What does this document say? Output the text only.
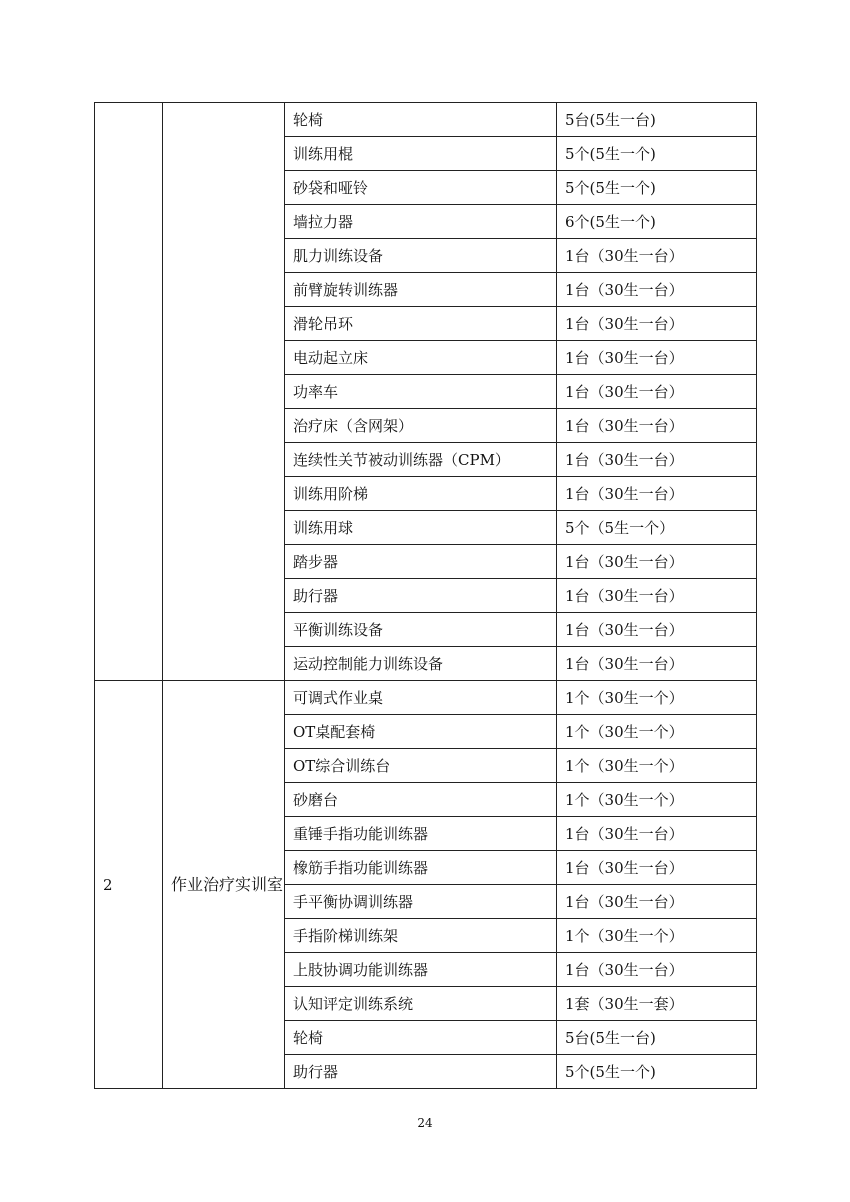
		轮椅	5台(5生一台)
		训练用棍	5个(5生一个)
		砂袋和哑铃	5个(5生一个)
		墙拉力器	6个(5生一个)
		肌力训练设备	1台（30生一台）
		前臂旋转训练器	1台（30生一台）
		滑轮吊环	1台（30生一台）
		电动起立床	1台（30生一台）
		功率车	1台（30生一台）
		治疗床（含网架）	1台（30生一台）
		连续性关节被动训练器（CPM）	1台（30生一台）
		训练用阶梯	1台（30生一台）
		训练用球	5个（5生一个）
		踏步器	1台（30生一台）
		助行器	1台（30生一台）
		平衡训练设备	1台（30生一台）
		运动控制能力训练设备	1台（30生一台）
2	作业治疗实训室	可调式作业桌	1个（30生一个）
		OT桌配套椅	1个（30生一个）
		OT综合训练台	1个（30生一个）
		砂磨台	1个（30生一个）
		重锤手指功能训练器	1台（30生一台）
		橡筋手指功能训练器	1台（30生一台）
		手平衡协调训练器	1台（30生一台）
		手指阶梯训练架	1个（30生一个）
		上肢协调功能训练器	1台（30生一台）
		认知评定训练系统	1套（30生一套）
		轮椅	5台(5生一台)
		助行器	5个(5生一个)
24
